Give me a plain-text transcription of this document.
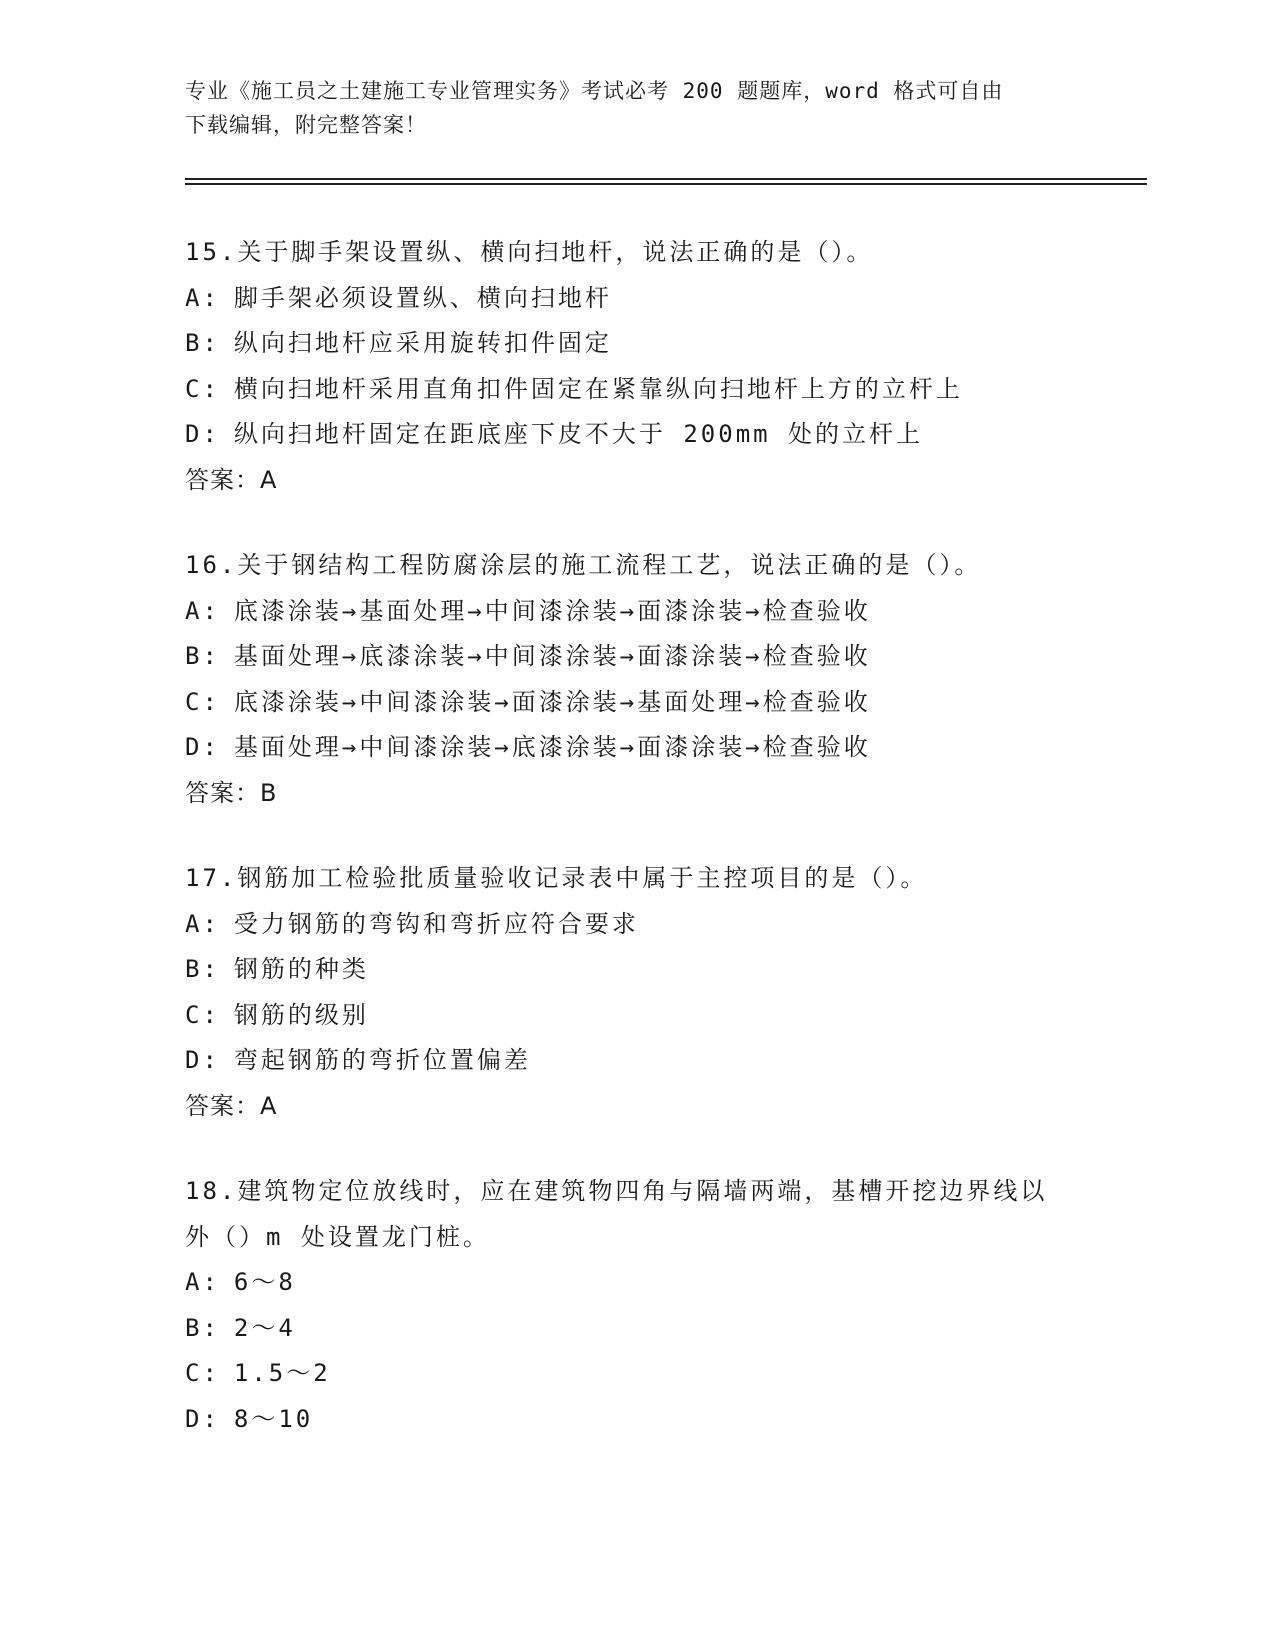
专业《施工员之土建施工专业管理实务》考试必考 200 题题库，word 格式可自由
下载编辑，附完整答案！
15.关于脚手架设置纵、横向扫地杆，说法正确的是（）。
A: 脚手架必须设置纵、横向扫地杆
B: 纵向扫地杆应采用旋转扣件固定
C: 横向扫地杆采用直角扣件固定在紧靠纵向扫地杆上方的立杆上
D: 纵向扫地杆固定在距底座下皮不大于 200mm 处的立杆上
答案：A
16.关于钢结构工程防腐涂层的施工流程工艺，说法正确的是（）。
A: 底漆涂装→基面处理→中间漆涂装→面漆涂装→检查验收
B: 基面处理→底漆涂装→中间漆涂装→面漆涂装→检查验收
C: 底漆涂装→中间漆涂装→面漆涂装→基面处理→检查验收
D: 基面处理→中间漆涂装→底漆涂装→面漆涂装→检查验收
答案：B
17.钢筋加工检验批质量验收记录表中属于主控项目的是（）。
A: 受力钢筋的弯钩和弯折应符合要求
B: 钢筋的种类
C: 钢筋的级别
D: 弯起钢筋的弯折位置偏差
答案：A
18.建筑物定位放线时，应在建筑物四角与隔墙两端，基槽开挖边界线以外（）m 处设置龙门桩。
A: 6～8
B: 2～4
C: 1.5～2
D: 8～10
